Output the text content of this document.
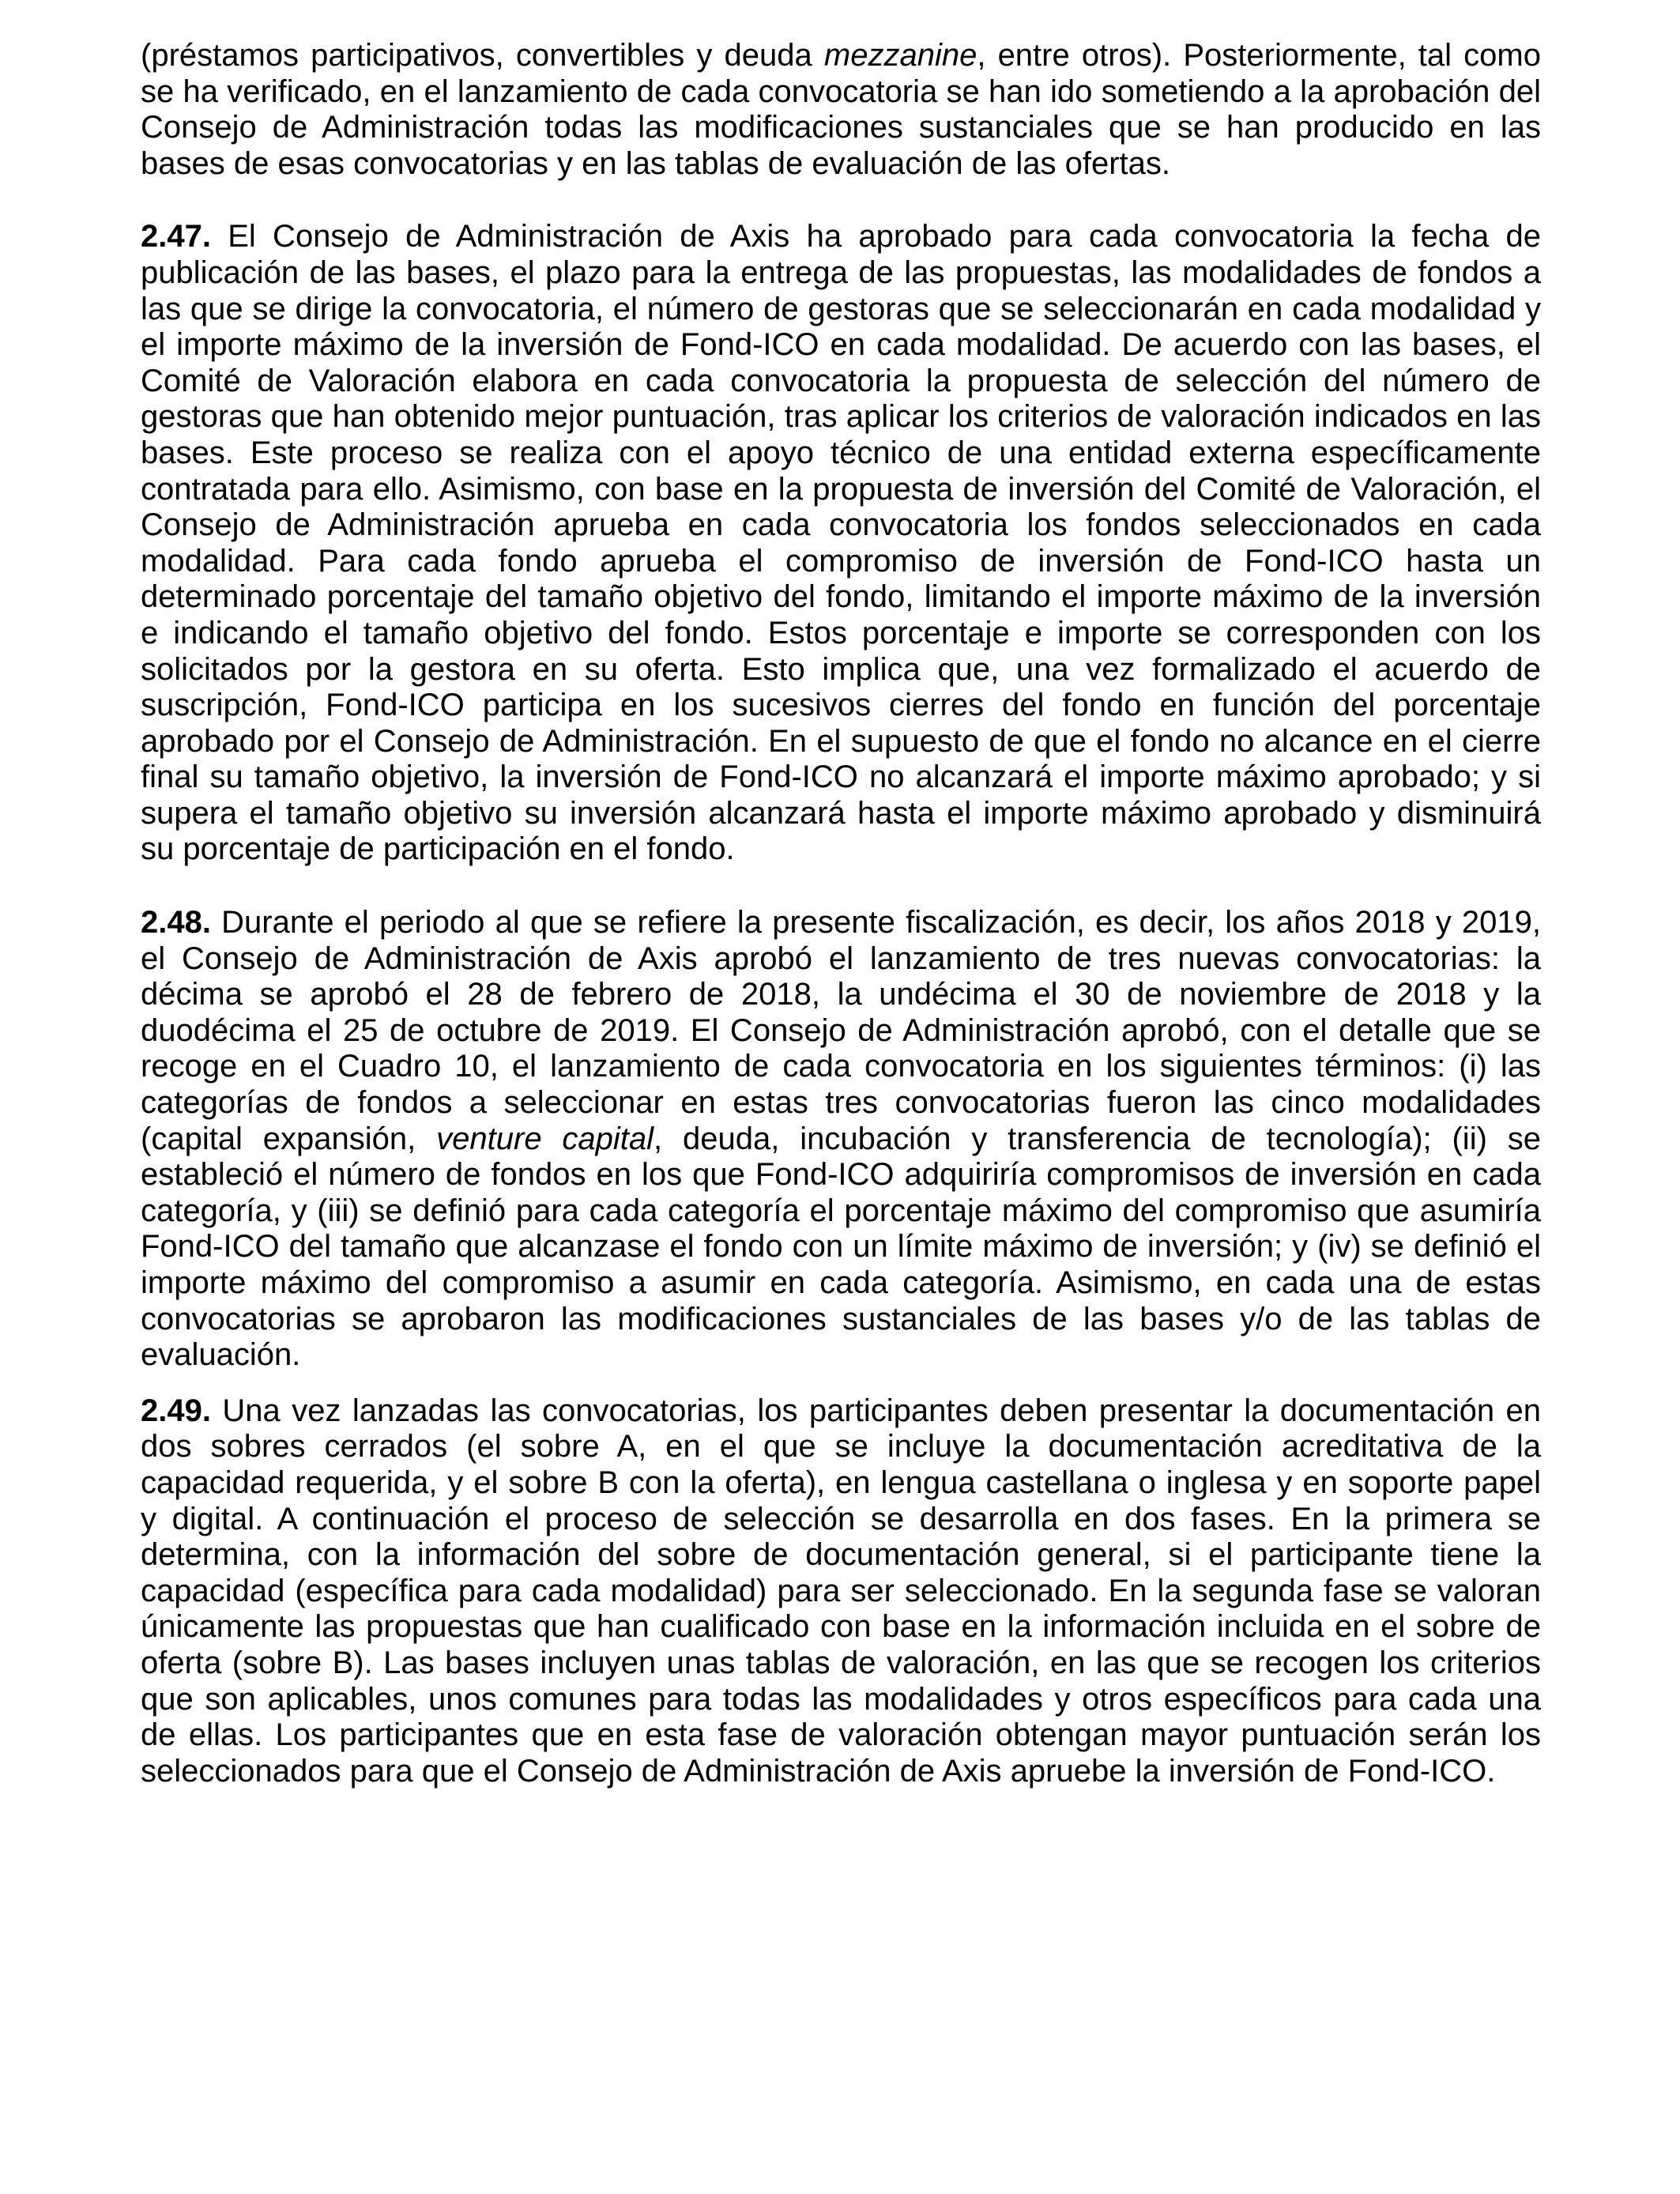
(préstamos participativos, convertibles y deuda mezzanine, entre otros). Posteriormente, tal como se ha verificado, en el lanzamiento de cada convocatoria se han ido sometiendo a la aprobación del Consejo de Administración todas las modificaciones sustanciales que se han producido en las bases de esas convocatorias y en las tablas de evaluación de las ofertas.

2.47. El Consejo de Administración de Axis ha aprobado para cada convocatoria la fecha de publicación de las bases, el plazo para la entrega de las propuestas, las modalidades de fondos a las que se dirige la convocatoria, el número de gestoras que se seleccionarán en cada modalidad y el importe máximo de la inversión de Fond-ICO en cada modalidad. De acuerdo con las bases, el Comité de Valoración elabora en cada convocatoria la propuesta de selección del número de gestoras que han obtenido mejor puntuación, tras aplicar los criterios de valoración indicados en las bases. Este proceso se realiza con el apoyo técnico de una entidad externa específicamente contratada para ello. Asimismo, con base en la propuesta de inversión del Comité de Valoración, el Consejo de Administración aprueba en cada convocatoria los fondos seleccionados en cada modalidad. Para cada fondo aprueba el compromiso de inversión de Fond-ICO hasta un determinado porcentaje del tamaño objetivo del fondo, limitando el importe máximo de la inversión e indicando el tamaño objetivo del fondo. Estos porcentaje e importe se corresponden con los solicitados por la gestora en su oferta. Esto implica que, una vez formalizado el acuerdo de suscripción, Fond-ICO participa en los sucesivos cierres del fondo en función del porcentaje aprobado por el Consejo de Administración. En el supuesto de que el fondo no alcance en el cierre final su tamaño objetivo, la inversión de Fond-ICO no alcanzará el importe máximo aprobado; y si supera el tamaño objetivo su inversión alcanzará hasta el importe máximo aprobado y disminuirá su porcentaje de participación en el fondo.

2.48. Durante el periodo al que se refiere la presente fiscalización, es decir, los años 2018 y 2019, el Consejo de Administración de Axis aprobó el lanzamiento de tres nuevas convocatorias: la décima se aprobó el 28 de febrero de 2018, la undécima el 30 de noviembre de 2018 y la duodécima el 25 de octubre de 2019. El Consejo de Administración aprobó, con el detalle que se recoge en el Cuadro 10, el lanzamiento de cada convocatoria en los siguientes términos: (i) las categorías de fondos a seleccionar en estas tres convocatorias fueron las cinco modalidades (capital expansión, venture capital, deuda, incubación y transferencia de tecnología); (ii) se estableció el número de fondos en los que Fond-ICO adquiriría compromisos de inversión en cada categoría, y (iii) se definió para cada categoría el porcentaje máximo del compromiso que asumiría Fond-ICO del tamaño que alcanzase el fondo con un límite máximo de inversión; y (iv) se definió el importe máximo del compromiso a asumir en cada categoría. Asimismo, en cada una de estas convocatorias se aprobaron las modificaciones sustanciales de las bases y/o de las tablas de evaluación.

2.49. Una vez lanzadas las convocatorias, los participantes deben presentar la documentación en dos sobres cerrados (el sobre A, en el que se incluye la documentación acreditativa de la capacidad requerida, y el sobre B con la oferta), en lengua castellana o inglesa y en soporte papel y digital. A continuación el proceso de selección se desarrolla en dos fases. En la primera se determina, con la información del sobre de documentación general, si el participante tiene la capacidad (específica para cada modalidad) para ser seleccionado. En la segunda fase se valoran únicamente las propuestas que han cualificado con base en la información incluida en el sobre de oferta (sobre B). Las bases incluyen unas tablas de valoración, en las que se recogen los criterios que son aplicables, unos comunes para todas las modalidades y otros específicos para cada una de ellas. Los participantes que en esta fase de valoración obtengan mayor puntuación serán los seleccionados para que el Consejo de Administración de Axis apruebe la inversión de Fond-ICO.
